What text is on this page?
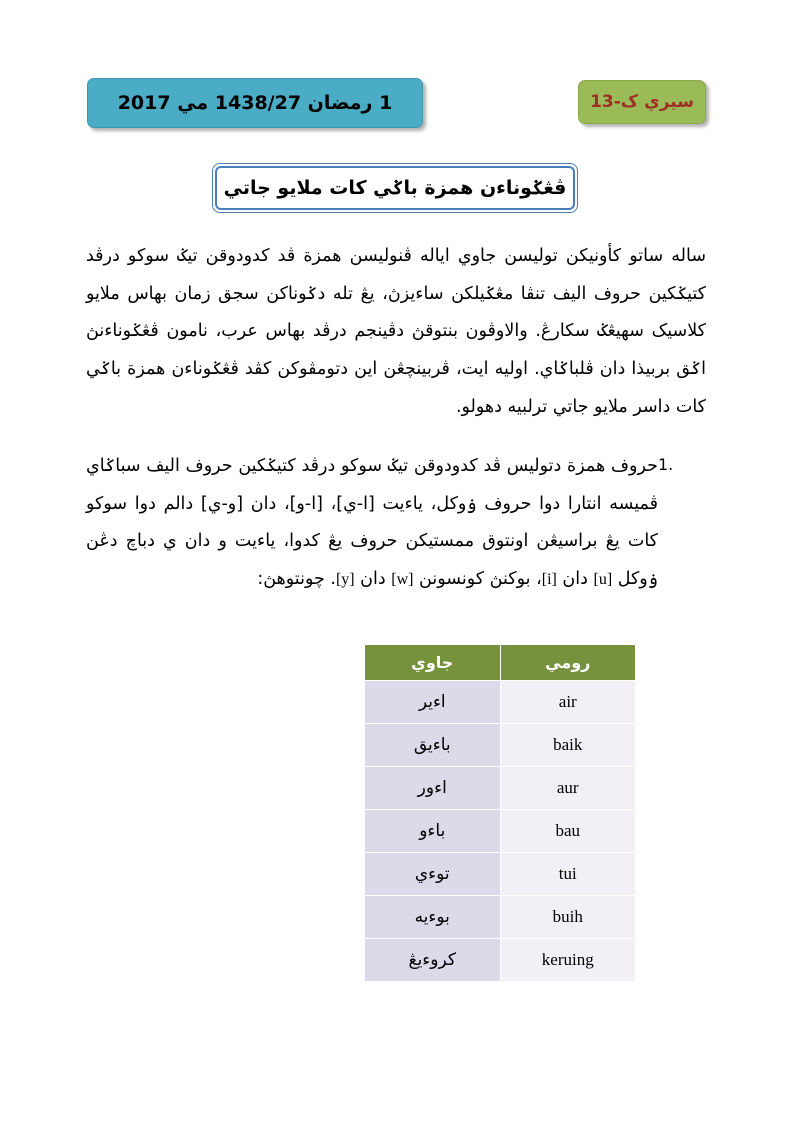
1 رمضان 1438/27 مي 2017	سيري ک-13
ڤڠݢوناءن همزة باݢي كات ملايو جاتي

ساله ساتو كأونيكن توليسن جاوي اياله ڤنوليسن همزة ڤد كدودوقن تيݢ سوكو درڤد كتيݢکين حروف اليف تنڤا مڠݢيلكن ساءيزڽ، يڠ تله دݢوناكن سجق زمان بهاس ملايو كلاسيک سهيڠݢ سكارڠ. والاوڤون بنتوقڽ دڤينجم درڤد بهاس عرب، نامون ڤڠݢوناءنڽ اݢق بربيذا دان ڤلباݢاي. اوليه ايت، ڤربينچڠن اين دتومڤوكن كڤد ڤڠݢوناءن همزة باݢي كات داسر ملايو جاتي ترلبيه دهولو.

1.
حروف همزة دتوليس ڤد كدودوقن تيݢ سوكو درڤد كتيݢکين حروف اليف سباݢاي ڤميسه انتارا دوا حروف ۏوكل، ياءيت [ا-ي]، [ا-و]، دان [و-ي] دالم دوا سوكو كات يڠ براسيڠن اونتوق ممستيكن حروف يڠ كدوا، ياءيت و دان ي دباچ دڠن ۏوكل [u] دان [i]، بوكنڽ كونسونن [w] دان [y]. چونتوهڽ:
جاوي	رومي
اءير	air
باءيق	baik
اءور	aur
باءو	bau
توءي	tui
بوءيه	buih
كروءيڠ	keruing
